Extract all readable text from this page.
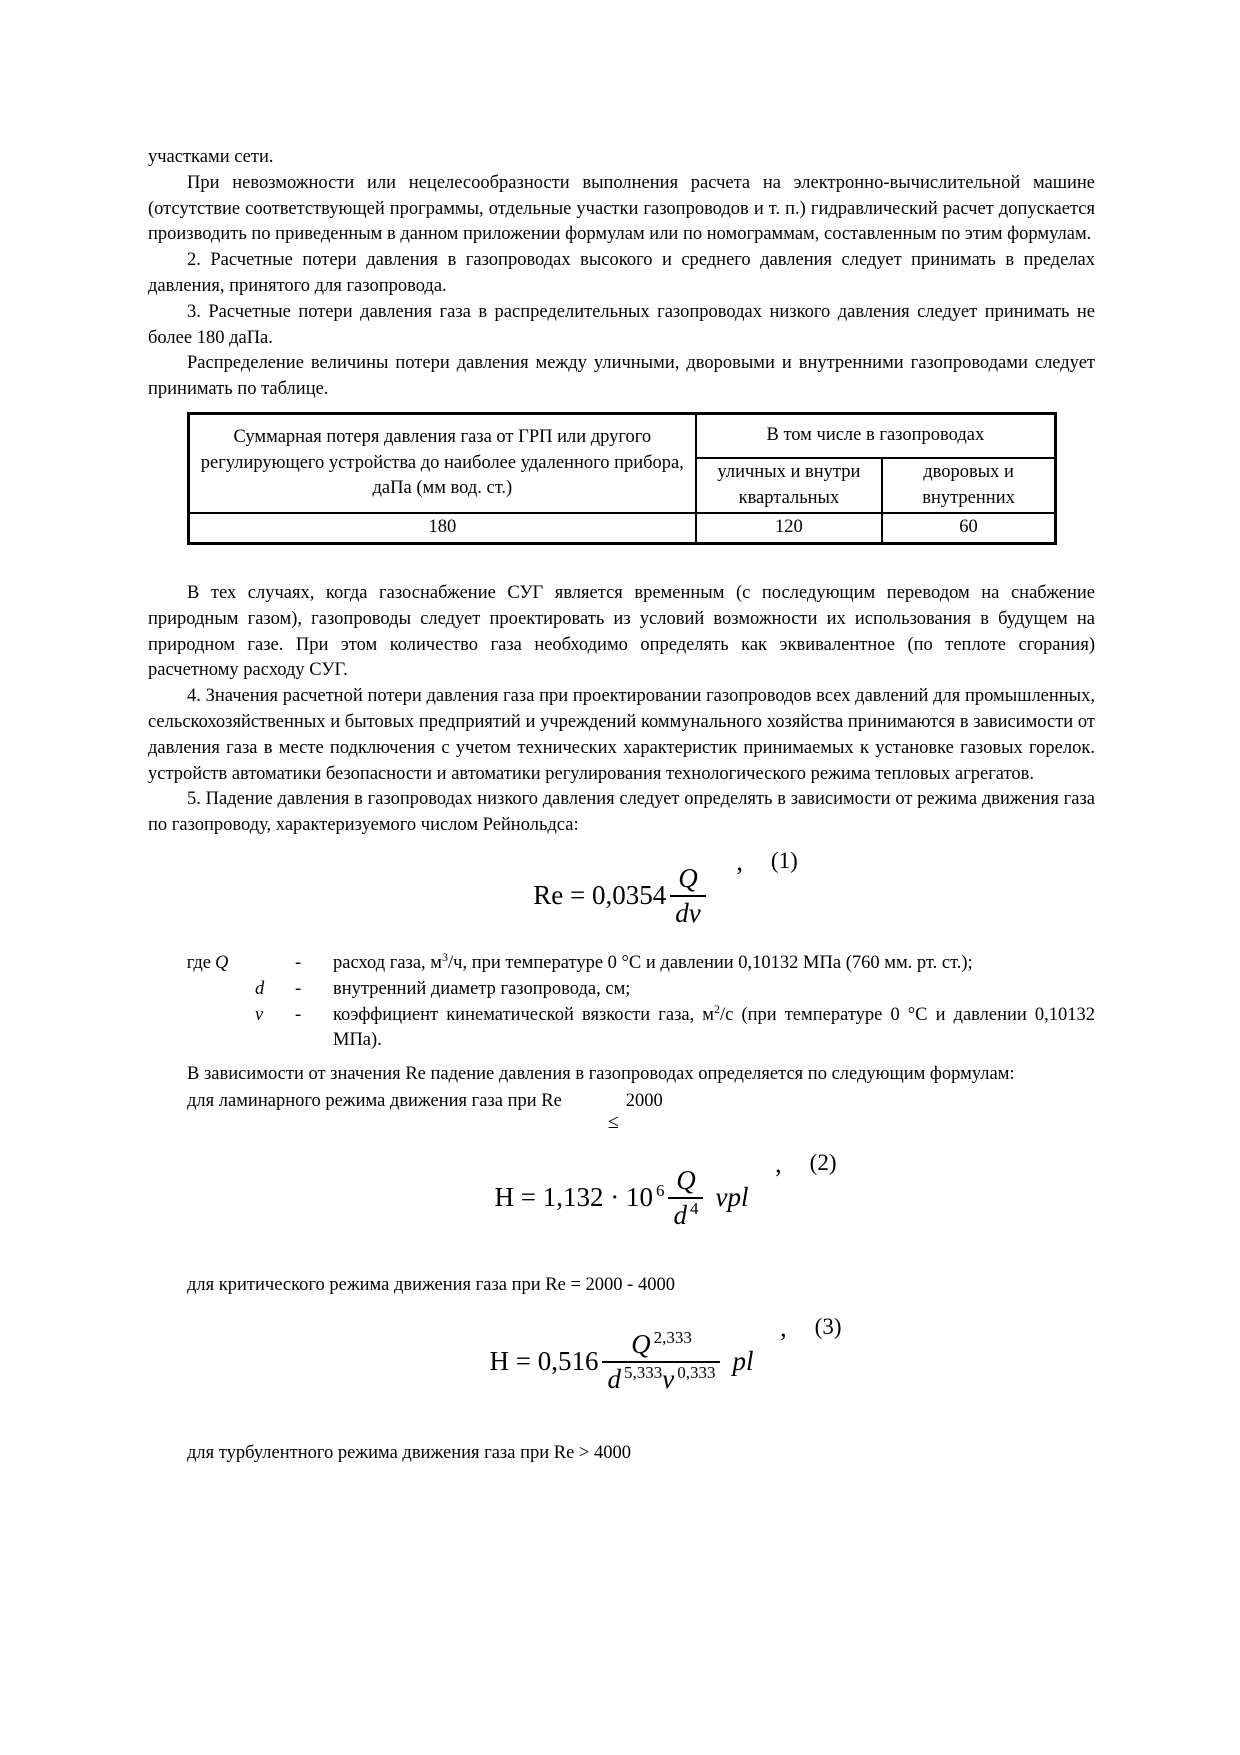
участками сети.

При невозможности или нецелесообразности выполнения расчета на электронно-вычислительной машине (отсутствие соответствующей программы, отдельные участки газопроводов и т. п.) гидравлический расчет допускается производить по приведенным в данном приложении формулам или по номограммам, составленным по этим формулам.

2. Расчетные потери давления в газопроводах высокого и среднего давления следует принимать в пределах давления, принятого для газопровода.

3. Расчетные потери давления газа в распределительных газопроводах низкого давления следует принимать не более 180 даПа.

Распределение величины потери давления между уличными, дворовыми и внутренними газопроводами следует принимать по таблице.

Суммарная потеря давления газа от ГРП или другого регулирующего устройства до наиболее удаленного прибора, даПа (мм вод. ст.)	В том числе в газопроводах	
	уличных и внутри квартальных	дворовых и внутренних
180	120	60

В тех случаях, когда газоснабжение СУГ является временным (с последующим переводом на снабжение природным газом), газопроводы следует проектировать из условий возможности их использования в будущем на природном газе. При этом количество газа необходимо определять как эквивалентное (по теплоте сгорания) расчетному расходу СУГ.

4. Значения расчетной потери давления газа при проектировании газопроводов всех давлений для промышленных, сельскохозяйственных и бытовых предприятий и учреждений коммунального хозяйства принимаются в зависимости от давления газа в месте подключения с учетом технических характеристик принимаемых к установке газовых горелок. устройств автоматики безопасности и автоматики регулирования технологического режима тепловых агрегатов.

5. Падение давления в газопроводах низкого давления следует определять в зависимости от режима движения газа по газопроводу, характеризуемого числом Рейнольдса:

$Re = 0,0354 \frac{Q}{dv}$
, (1)
где Q	-	расход газа, $м^3/ч$, при температуре 0 °С и давлении 0,10132 МПа (760 мм. рт. ст.);
d	-	внутренний диаметр газопровода, см;
v	-	коэффициент кинематической вязкости газа, $м^2/с$ (при температуре 0 °С и давлении 0,10132 МПа).

В зависимости от значения Re падение давления в газопроводах определяется по следующим формулам:

для ламинарного режима движения газа при Re≤2000

H = 1,132 · 10 $^6 \frac{Q}{d ^4}$ vpl
, (2)

для критического режима движения газа при Re = 2000 - 4000

$H = 0,516 \frac{Q ^{2,333}}{d ^{5,333}v ^{0,333}}$ pl
, (3)

для турбулентного режима движения газа при Re > 4000
